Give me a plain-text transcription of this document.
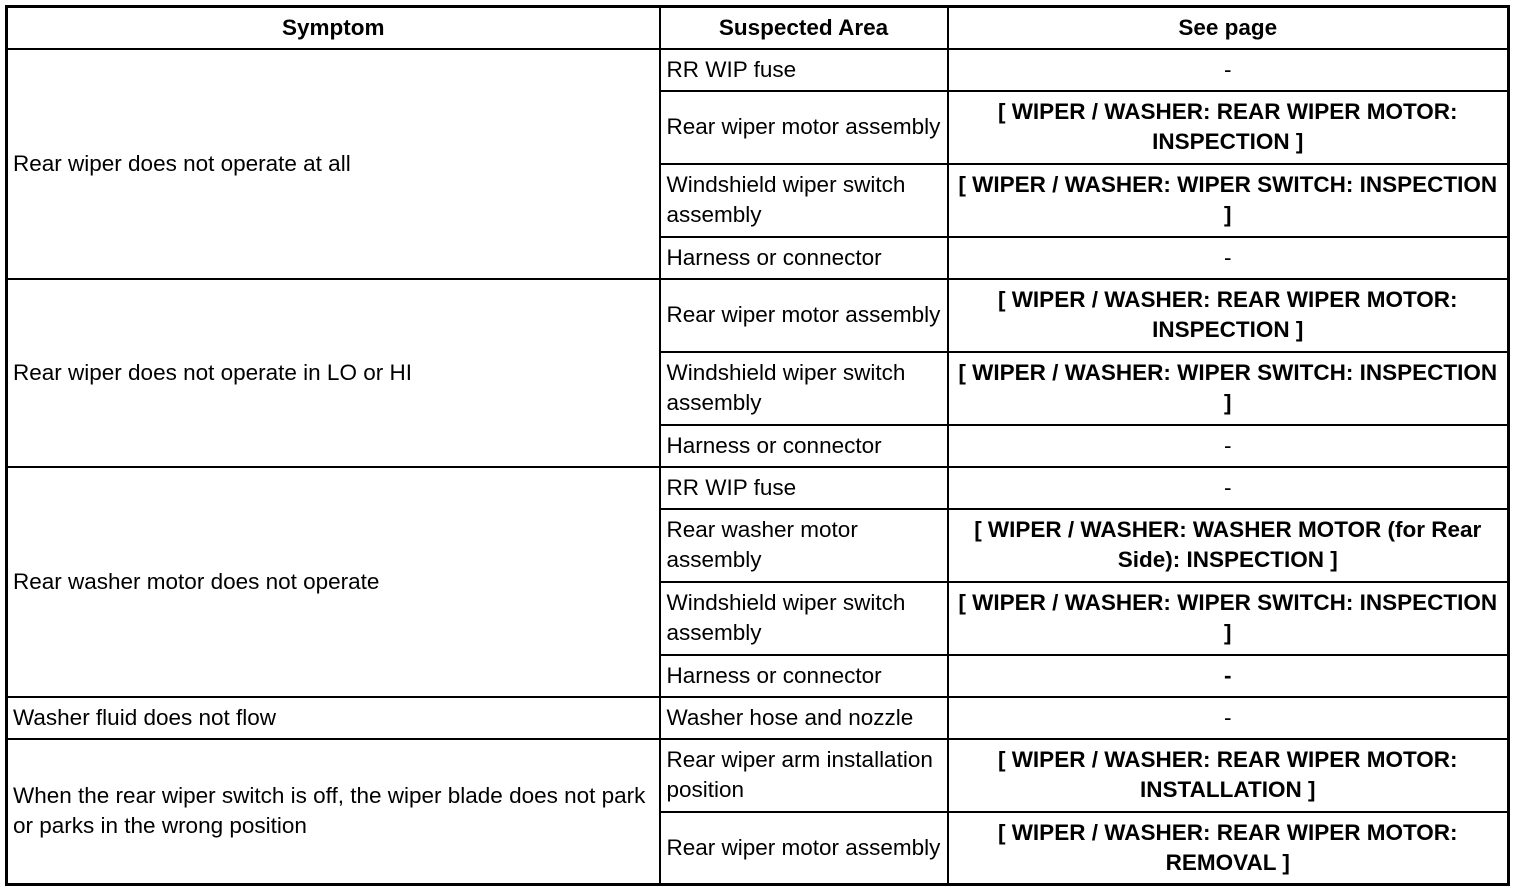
Symptom	Suspected Area	See page
Rear wiper does not operate at all	RR WIP fuse	-
	Rear wiper motor assembly	[ WIPER / WASHER: REAR WIPER MOTOR: INSPECTION ]
	Windshield wiper switch assembly	[ WIPER / WASHER: WIPER SWITCH: INSPECTION ]
	Harness or connector	-
Rear wiper does not operate in LO or HI	Rear wiper motor assembly	[ WIPER / WASHER: REAR WIPER MOTOR: INSPECTION ]
	Windshield wiper switch assembly	[ WIPER / WASHER: WIPER SWITCH: INSPECTION ]
	Harness or connector	-
Rear washer motor does not operate	RR WIP fuse	-
	Rear washer motor assembly	[ WIPER / WASHER: WASHER MOTOR (for Rear Side): INSPECTION ]
	Windshield wiper switch assembly	[ WIPER / WASHER: WIPER SWITCH: INSPECTION ]
	Harness or connector	-
Washer fluid does not flow	Washer hose and nozzle	-
When the rear wiper switch is off, the wiper blade does not park or parks in the wrong position	Rear wiper arm installation position	[ WIPER / WASHER: REAR WIPER MOTOR: INSTALLATION ]
	Rear wiper motor assembly	[ WIPER / WASHER: REAR WIPER MOTOR: REMOVAL ]
